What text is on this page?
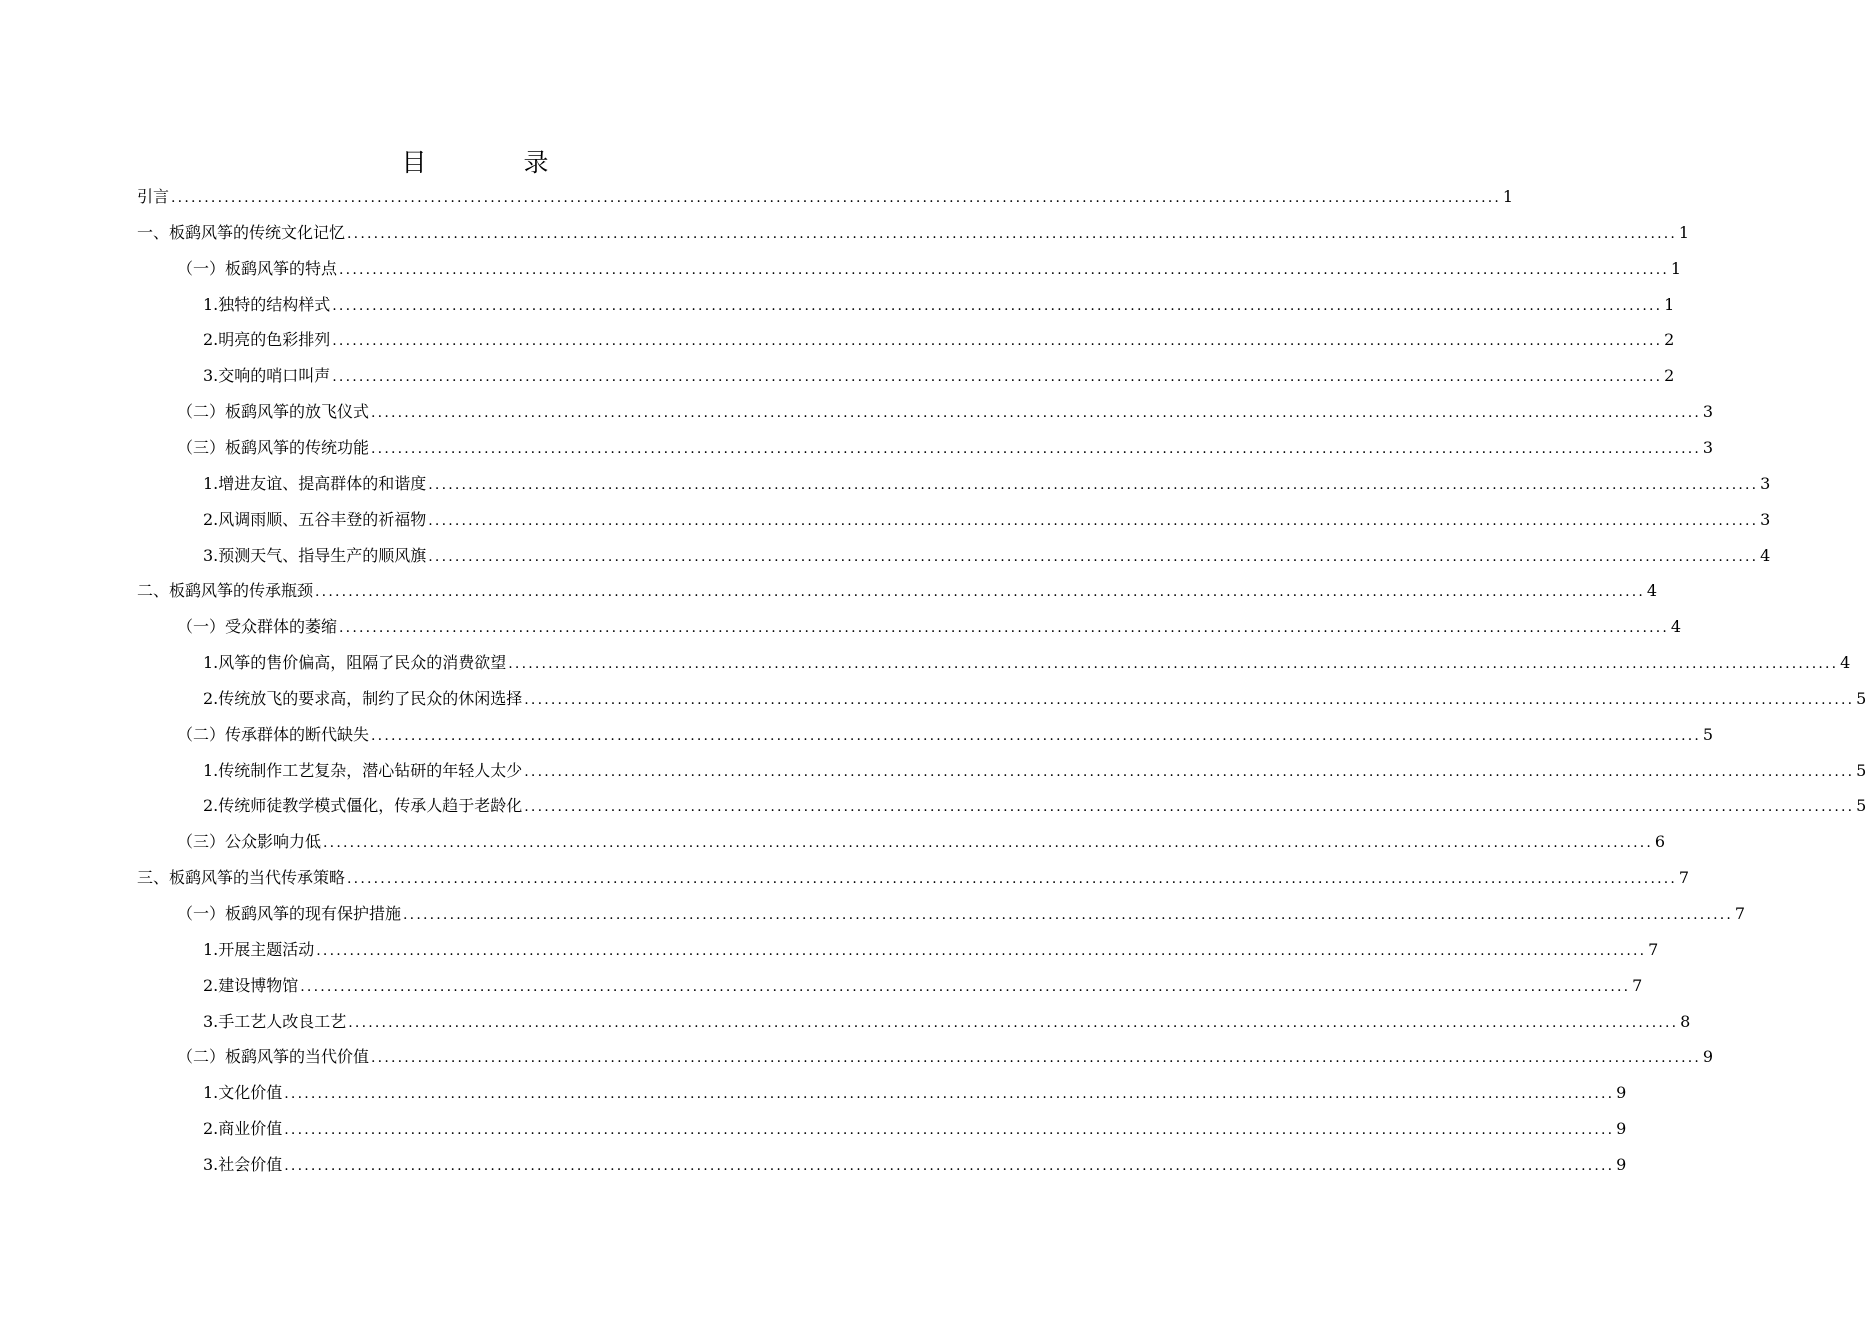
目　录
引言 ........................................................................................................................................................................................................ 1
一、板鹞风筝的传统文化记忆 ........................................................................................................................................................................................................ 1
（一）板鹞风筝的特点 ........................................................................................................................................................................................................ 1
1.独特的结构样式 ........................................................................................................................................................................................................ 1
2.明亮的色彩排列 ........................................................................................................................................................................................................ 2
3.交响的哨口叫声 ........................................................................................................................................................................................................ 2
（二）板鹞风筝的放飞仪式 ........................................................................................................................................................................................................ 3
（三）板鹞风筝的传统功能 ........................................................................................................................................................................................................ 3
1.增进友谊、提高群体的和谐度 ........................................................................................................................................................................................................ 3
2.风调雨顺、五谷丰登的祈福物 ........................................................................................................................................................................................................ 3
3.预测天气、指导生产的顺风旗 ........................................................................................................................................................................................................ 4
二、板鹞风筝的传承瓶颈 ........................................................................................................................................................................................................ 4
（一）受众群体的萎缩 ........................................................................................................................................................................................................ 4
1.风筝的售价偏高，阻隔了民众的消费欲望 ........................................................................................................................................................................................................ 4
2.传统放飞的要求高，制约了民众的休闲选择 ........................................................................................................................................................................................................ 5
（二）传承群体的断代缺失 ........................................................................................................................................................................................................ 5
1.传统制作工艺复杂，潜心钻研的年轻人太少 ........................................................................................................................................................................................................ 5
2.传统师徒教学模式僵化，传承人趋于老龄化 ........................................................................................................................................................................................................ 5
（三）公众影响力低 ........................................................................................................................................................................................................ 6
三、板鹞风筝的当代传承策略 ........................................................................................................................................................................................................ 7
（一）板鹞风筝的现有保护措施 ........................................................................................................................................................................................................ 7
1.开展主题活动 ........................................................................................................................................................................................................ 7
2.建设博物馆 ........................................................................................................................................................................................................ 7
3.手工艺人改良工艺 ........................................................................................................................................................................................................ 8
（二）板鹞风筝的当代价值 ........................................................................................................................................................................................................ 9
1.文化价值 ........................................................................................................................................................................................................ 9
2.商业价值 ........................................................................................................................................................................................................ 9
3.社会价值 ........................................................................................................................................................................................................ 9
